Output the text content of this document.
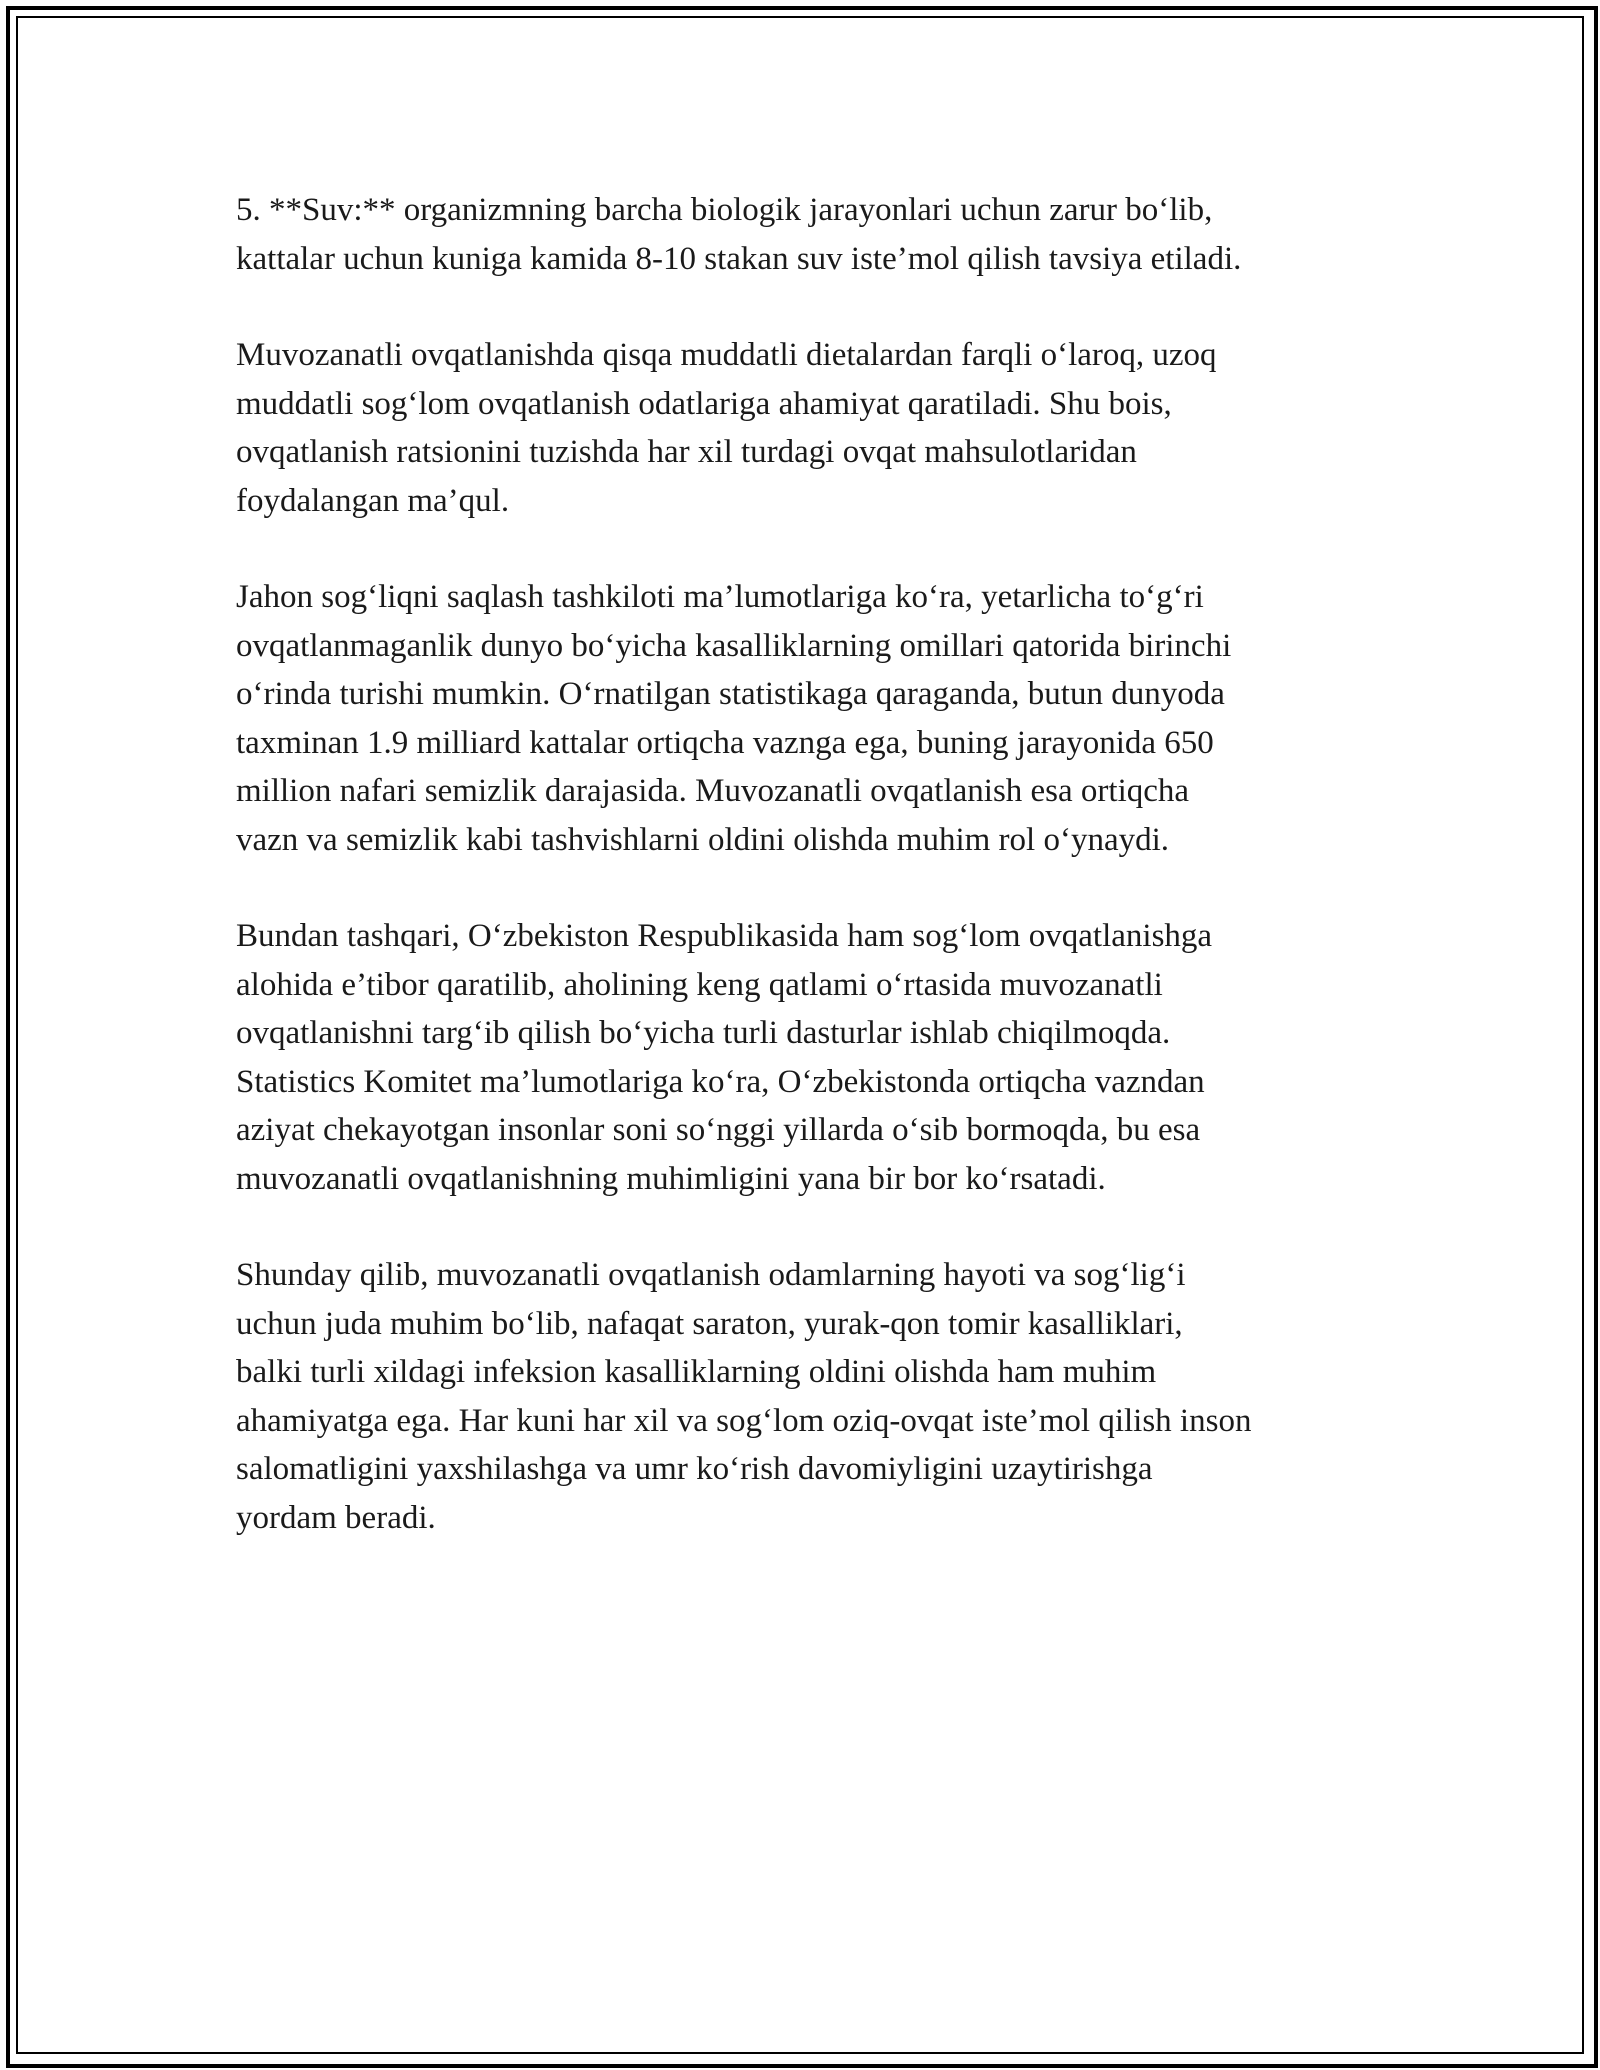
5. **Suv:** organizmning barcha biologik jarayonlari uchun zarur bo‘lib,
kattalar uchun kuniga kamida 8-10 stakan suv iste’mol qilish tavsiya etiladi.

Muvozanatli ovqatlanishda qisqa muddatli dietalardan farqli o‘laroq, uzoq
muddatli sog‘lom ovqatlanish odatlariga ahamiyat qaratiladi. Shu bois,
ovqatlanish ratsionini tuzishda har xil turdagi ovqat mahsulotlaridan
foydalangan ma’qul.

Jahon sog‘liqni saqlash tashkiloti ma’lumotlariga ko‘ra, yetarlicha to‘g‘ri
ovqatlanmaganlik dunyo bo‘yicha kasalliklarning omillari qatorida birinchi
o‘rinda turishi mumkin. O‘rnatilgan statistikaga qaraganda, butun dunyoda
taxminan 1.9 milliard kattalar ortiqcha vaznga ega, buning jarayonida 650
million nafari semizlik darajasida. Muvozanatli ovqatlanish esa ortiqcha
vazn va semizlik kabi tashvishlarni oldini olishda muhim rol o‘ynaydi.

Bundan tashqari, O‘zbekiston Respublikasida ham sog‘lom ovqatlanishga
alohida e’tibor qaratilib, aholining keng qatlami o‘rtasida muvozanatli
ovqatlanishni targ‘ib qilish bo‘yicha turli dasturlar ishlab chiqilmoqda.
Statistics Komitet ma’lumotlariga ko‘ra, O‘zbekistonda ortiqcha vazndan
aziyat chekayotgan insonlar soni so‘nggi yillarda o‘sib bormoqda, bu esa
muvozanatli ovqatlanishning muhimligini yana bir bor ko‘rsatadi.

Shunday qilib, muvozanatli ovqatlanish odamlarning hayoti va sog‘lig‘i
uchun juda muhim bo‘lib, nafaqat saraton, yurak-qon tomir kasalliklari,
balki turli xildagi infeksion kasalliklarning oldini olishda ham muhim
ahamiyatga ega. Har kuni har xil va sog‘lom oziq-ovqat iste’mol qilish inson
salomatligini yaxshilashga va umr ko‘rish davomiyligini uzaytirishga
yordam beradi.
